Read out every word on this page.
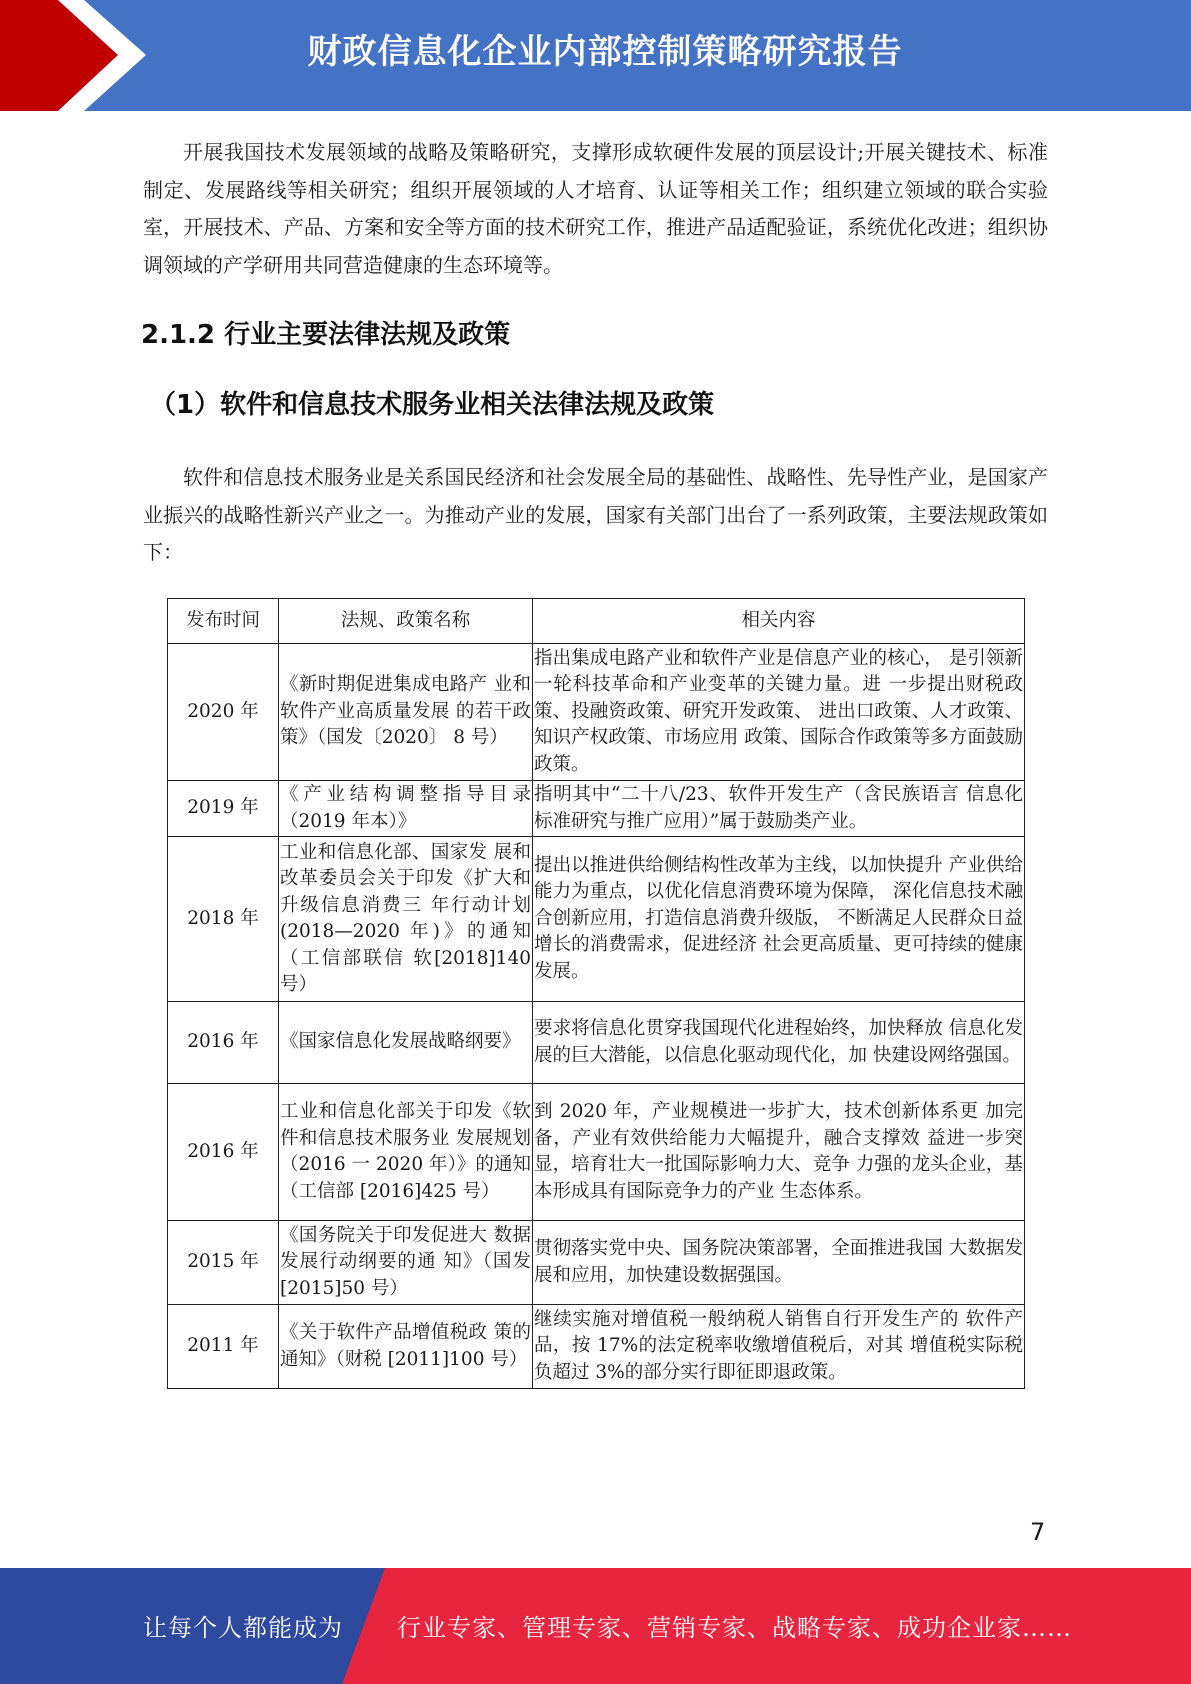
财政信息化企业内部控制策略研究报告

开展我国技术发展领域的战略及策略研究，支撑形成软硬件发展的顶层设计;开展关键技术、标准制定、发展路线等相关研究；组织开展领域的人才培育、认证等相关工作；组织建立领域的联合实验室，开展技术、产品、方案和安全等方面的技术研究工作，推进产品适配验证，系统优化改进；组织协调领域的产学研用共同营造健康的生态环境等。

2.1.2 行业主要法律法规及政策
（1）软件和信息技术服务业相关法律法规及政策

软件和信息技术服务业是关系国民经济和社会发展全局的基础性、战略性、先导性产业，是国家产业振兴的战略性新兴产业之一。为推动产业的发展，国家有关部门出台了一系列政策，主要法规政策如下：

发布时间	法规、政策名称	相关内容
2020 年	《新时期促进集成电路产 业和软件产业高质量发展 的若干政策》（国发〔2020〕 8 号）	指出集成电路产业和软件产业是信息产业的核心， 是引领新一轮科技革命和产业变革的关键力量。进 一步提出财税政策、投融资政策、研究开发政策、 进出口政策、人才政策、知识产权政策、市场应用 政策、国际合作政策等多方面鼓励政策。
2019 年	《产业结构调整指导目录（2019 年本）》	指明其中“二十八/23、软件开发生产（含民族语言 信息化标准研究与推广应用）”属于鼓励类产业。
2018 年	工业和信息化部、国家发 展和改革委员会关于印发《扩大和升级信息消费三 年行动计划(2018—2020 年)》的通知（工信部联信 软[2018]140 号）	提出以推进供给侧结构性改革为主线，以加快提升 产业供给能力为重点，以优化信息消费环境为保障， 深化信息技术融合创新应用，打造信息消费升级版， 不断满足人民群众日益增长的消费需求，促进经济 社会更高质量、更可持续的健康发展。
2016 年	《国家信息化发展战略纲要》	要求将信息化贯穿我国现代化进程始终，加快释放 信息化发展的巨大潜能，以信息化驱动现代化，加 快建设网络强国。
2016 年	工业和信息化部关于印发《软件和信息技术服务业 发展规划（2016 一 2020 年）》的通知（工信部 [2016]425 号）	到 2020 年，产业规模进一步扩大，技术创新体系更 加完备，产业有效供给能力大幅提升，融合支撑效 益进一步突显，培育壮大一批国际影响力大、竞争 力强的龙头企业，基本形成具有国际竞争力的产业 生态体系。
2015 年	《国务院关于印发促进大 数据发展行动纲要的通 知》（国发[2015]50 号）	贯彻落实党中央、国务院决策部署，全面推进我国 大数据发展和应用，加快建设数据强国。
2011 年	《关于软件产品增值税政 策的通知》（财税 [2011]100 号）	继续实施对增值税一般纳税人销售自行开发生产的 软件产品，按 17%的法定税率收缴增值税后，对其 增值税实际税负超过 3%的部分实行即征即退政策。
7
让每个人都能成为 行业专家、管理专家、营销专家、战略专家、成功企业家……
